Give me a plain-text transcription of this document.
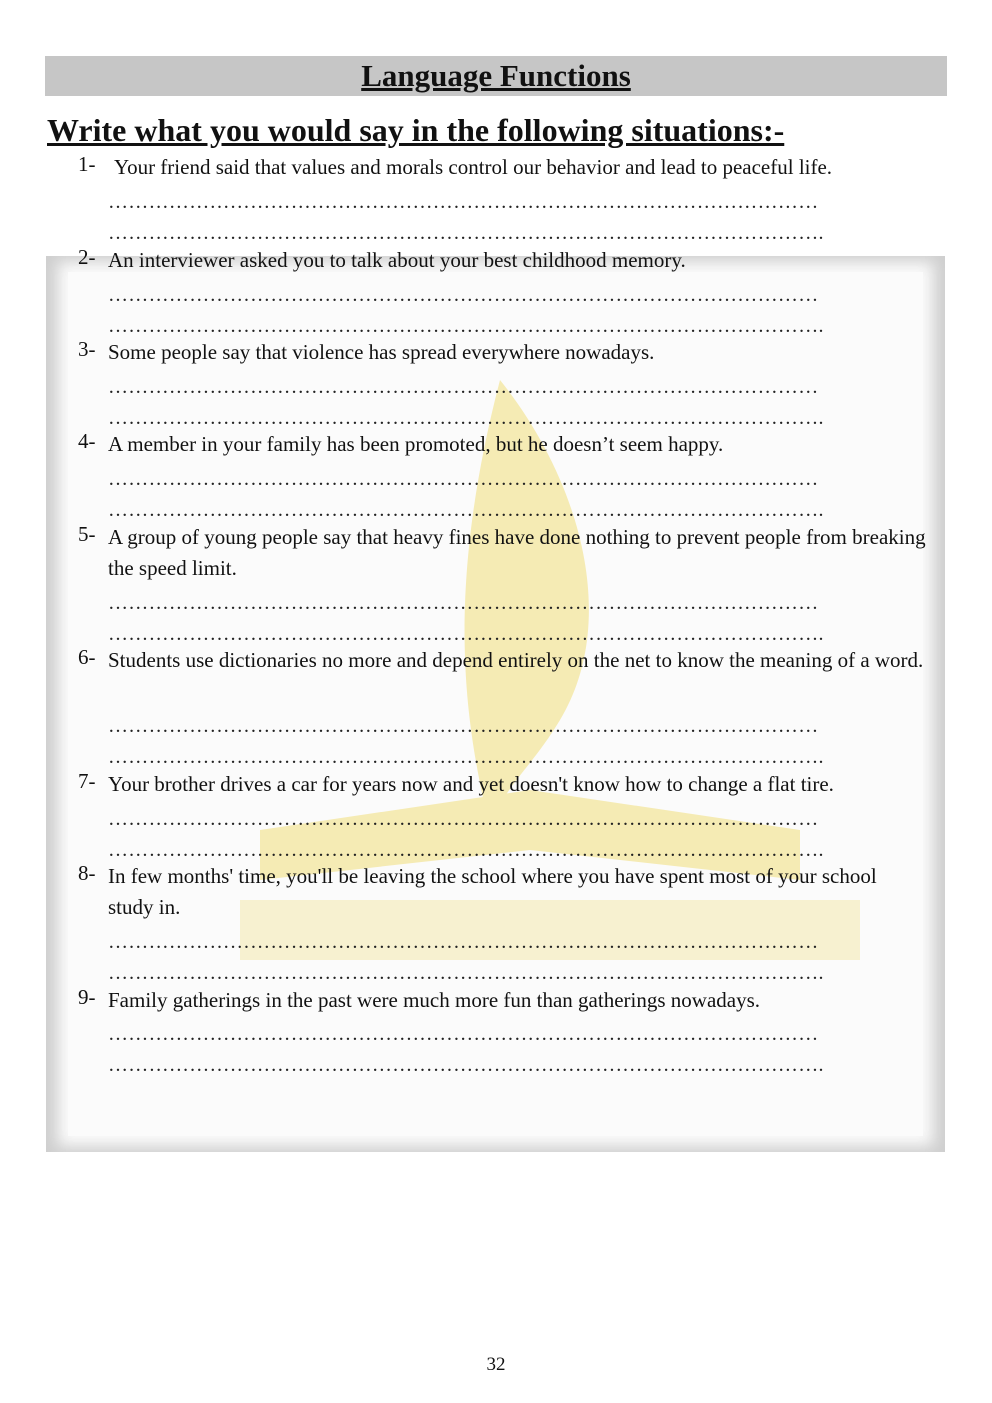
Language Functions
Write what you would say in the following situations:-
1- Your friend said that values and morals control our behavior and lead to peaceful life.
……………………………………………………………………………………………
…………………………………………………………………………………………….
2- An interviewer asked you to talk about your best childhood memory.
……………………………………………………………………………………………
…………………………………………………………………………………………….
3- Some people say that violence has spread everywhere nowadays.
……………………………………………………………………………………………
…………………………………………………………………………………………….
4- A member in your family has been promoted, but he doesn’t seem happy.
……………………………………………………………………………………………
…………………………………………………………………………………………….
5- A group of young people say that heavy fines have done nothing to prevent people from breaking the speed limit.
……………………………………………………………………………………………
…………………………………………………………………………………………….
6- Students use dictionaries no more and depend entirely on the net to know the meaning of a word.
……………………………………………………………………………………………
…………………………………………………………………………………………….
7- Your brother drives a car for years now and yet doesn't know how to change a flat tire.
……………………………………………………………………………………………
…………………………………………………………………………………………….
8- In few months' time, you'll be leaving the school where you have spent most of your school study in.
……………………………………………………………………………………………
…………………………………………………………………………………………….
9- Family gatherings in the past were much more fun than gatherings nowadays.
……………………………………………………………………………………………
…………………………………………………………………………………………….
32
